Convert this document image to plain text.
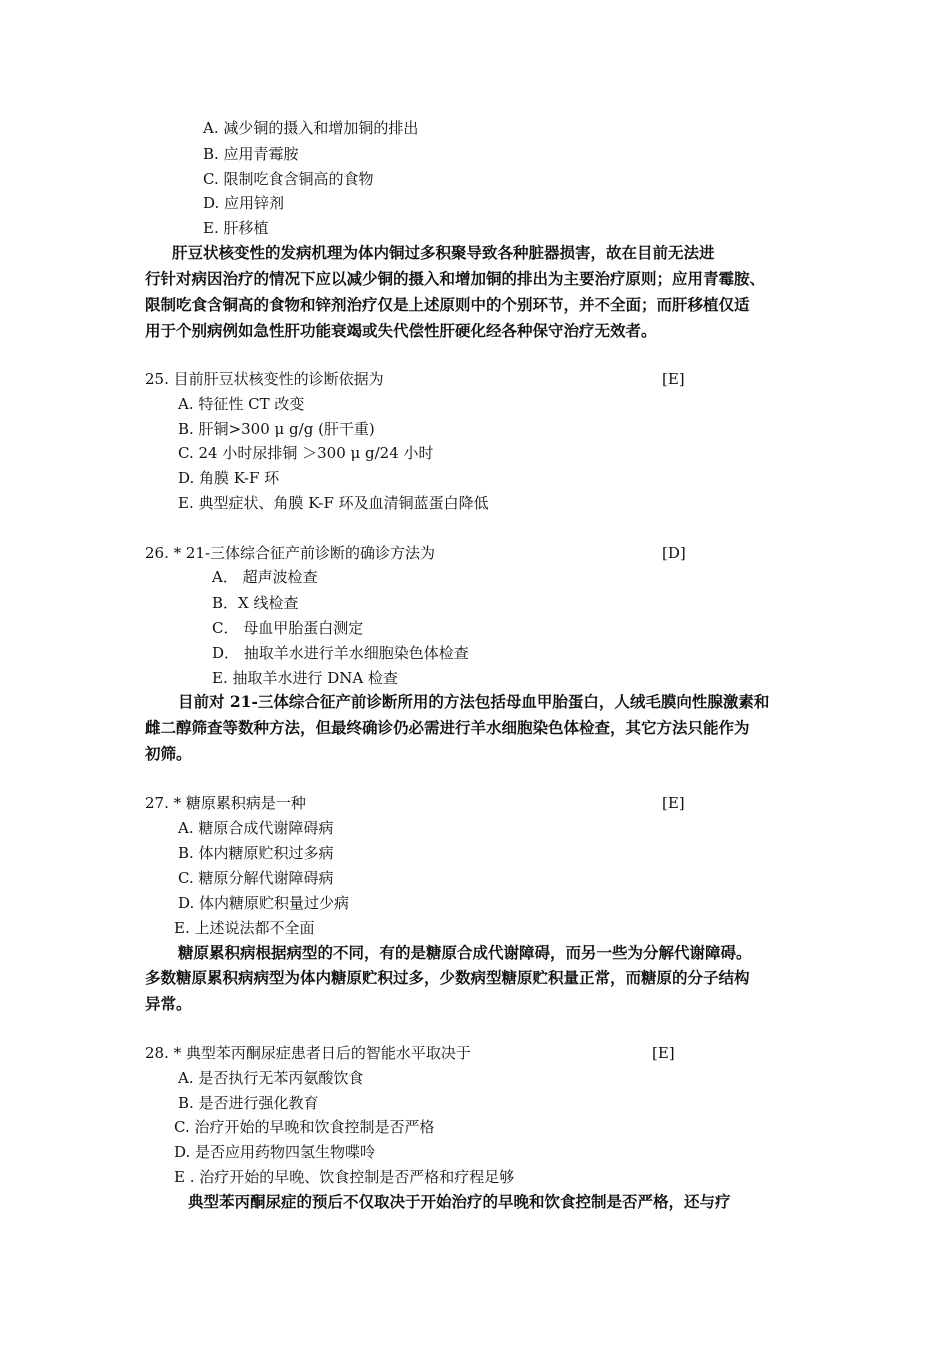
A. 减少铜的摄入和增加铜的排出
B. 应用青霉胺
C. 限制吃食含铜高的食物
D. 应用锌剂
E. 肝移植
肝豆状核变性的发病机理为体内铜过多积聚导致各种脏器损害，故在目前无法进
行针对病因治疗的情况下应以减少铜的摄入和增加铜的排出为主要治疗原则；应用青霉胺、
限制吃食含铜高的食物和锌剂治疗仅是上述原则中的个别环节，并不全面；而肝移植仅适
用于个别病例如急性肝功能衰竭或失代偿性肝硬化经各种保守治疗无效者。
25. 目前肝豆状核变性的诊断依据为	[E]
A. 特征性 CT 改变
B. 肝铜>300 μ g/g (肝干重)
C. 24 小时尿排铜 ＞300 μ g/24 小时
D. 角膜 K-F 环
E. 典型症状、角膜 K-F 环及血清铜蓝蛋白降低
26. * 21-三体综合征产前诊断的确诊方法为	[D]
A． 超声波检查
B．X 线检查
C． 母血甲胎蛋白测定
D． 抽取羊水进行羊水细胞染色体检查
E. 抽取羊水进行 DNA 检查
目前对 21-三体综合征产前诊断所用的方法包括母血甲胎蛋白，人绒毛膜向性腺激素和
雌二醇筛查等数种方法，但最终确诊仍必需进行羊水细胞染色体检查，其它方法只能作为
初筛。
27. * 糖原累积病是一种	[E]
A. 糖原合成代谢障碍病
B. 体内糖原贮积过多病
C. 糖原分解代谢障碍病
D. 体内糖原贮积量过少病
E. 上述说法都不全面
糖原累积病根据病型的不同，有的是糖原合成代谢障碍，而另一些为分解代谢障碍。
多数糖原累积病病型为体内糖原贮积过多，少数病型糖原贮积量正常，而糖原的分子结构
异常。
28. * 典型苯丙酮尿症患者日后的智能水平取决于	[E]
A. 是否执行无苯丙氨酸饮食
B. 是否进行强化教育
C. 治疗开始的早晚和饮食控制是否严格
D. 是否应用药物四氢生物喋呤
E . 治疗开始的早晚、饮食控制是否严格和疗程足够
典型苯丙酮尿症的预后不仅取决于开始治疗的早晚和饮食控制是否严格，还与疗
